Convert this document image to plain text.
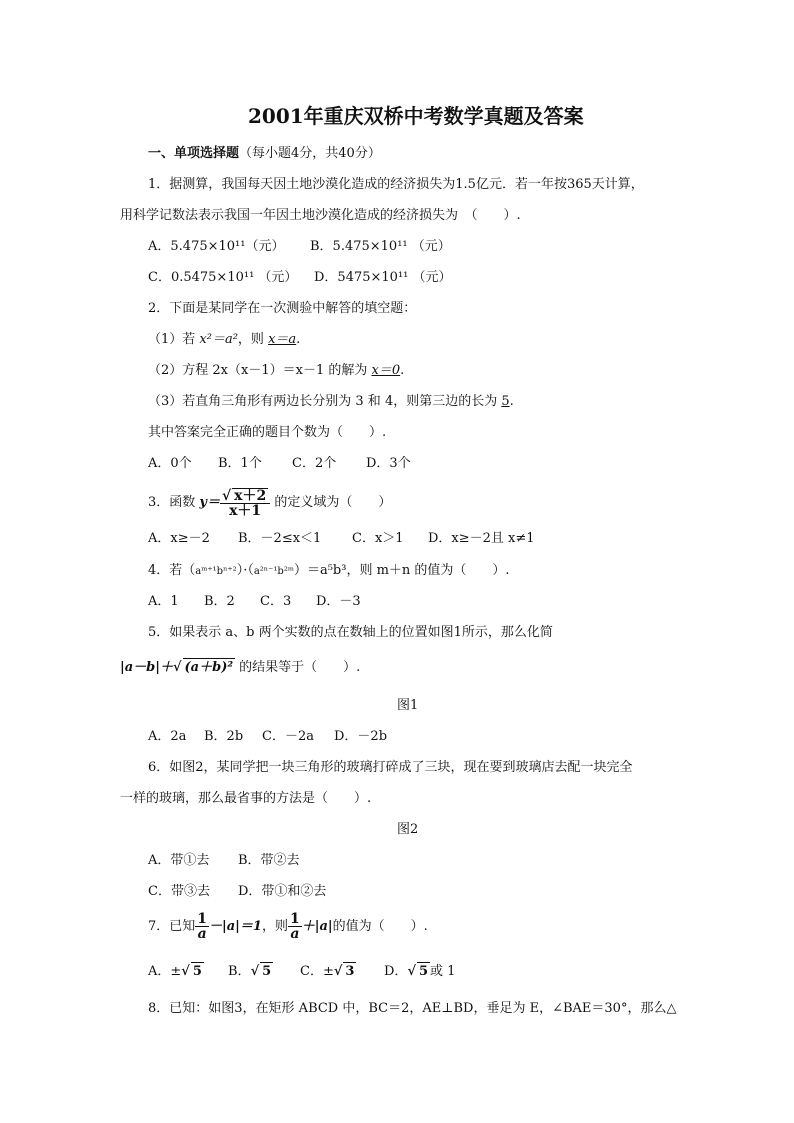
2001年重庆双桥中考数学真题及答案
一、单项选择题（每小题4分，共40分）
1．据测算，我国每天因土地沙漠化造成的经济损失为1.5亿元．若一年按365天计算，
用科学记数法表示我国一年因土地沙漠化造成的经济损失为　（　　）.
A．5.475×10¹¹（元） B．5.475×10¹¹ （元）
C．0.5475×10¹¹ （元） D．5475×10¹¹ （元）
2．下面是某同学在一次测验中解答的填空题：
（1）若 x²＝a²，则 x＝a.
（2）方程 2x（x－1）＝x－1 的解为 x＝0.
（3）若直角三角形有两边长分别为 3 和 4，则第三边的长为 5.
其中答案完全正确的题目个数为（　　）.
A．0个 B．1个 C．2个 D．3个
3．函数 $y= \frac{√ x+2}{x+1}$ 的定义域为（　　）
A．x≥－2 B．－2≤x＜1 C．x＞1 D．x≥－2且 x≠1
4．若（aᵐ⁺¹bⁿ⁺²）·（a²ⁿ⁻¹b²ᵐ）＝a⁵b³，则 m＋n 的值为（　　）.
A．1 B．2 C．3 D．－3
5．如果表示 a、b 两个实数的点在数轴上的位置如图1所示，那么化简
|a－b|＋√ (a＋b)² 的结果等于（　　）.
图1
A．2a B．2b C．－2a D．－2b
6．如图2，某同学把一块三角形的玻璃打碎成了三块，现在要到玻璃店去配一块完全
一样的玻璃，那么最省事的方法是（　　）.
图2
A．带①去 B．带②去
C．带③去 D．带①和②去
7．已知 $\frac{1}{a} -|a|=1$，则 $\frac{1}{a} +|a|$的值为（　　）.
A．±√ 5 B．√ 5 C．±√ 3 D．√ 5 或 1
8．已知：如图3，在矩形 ABCD 中，BC＝2，AE⊥BD，垂足为 E，∠BAE＝30°，那么△
